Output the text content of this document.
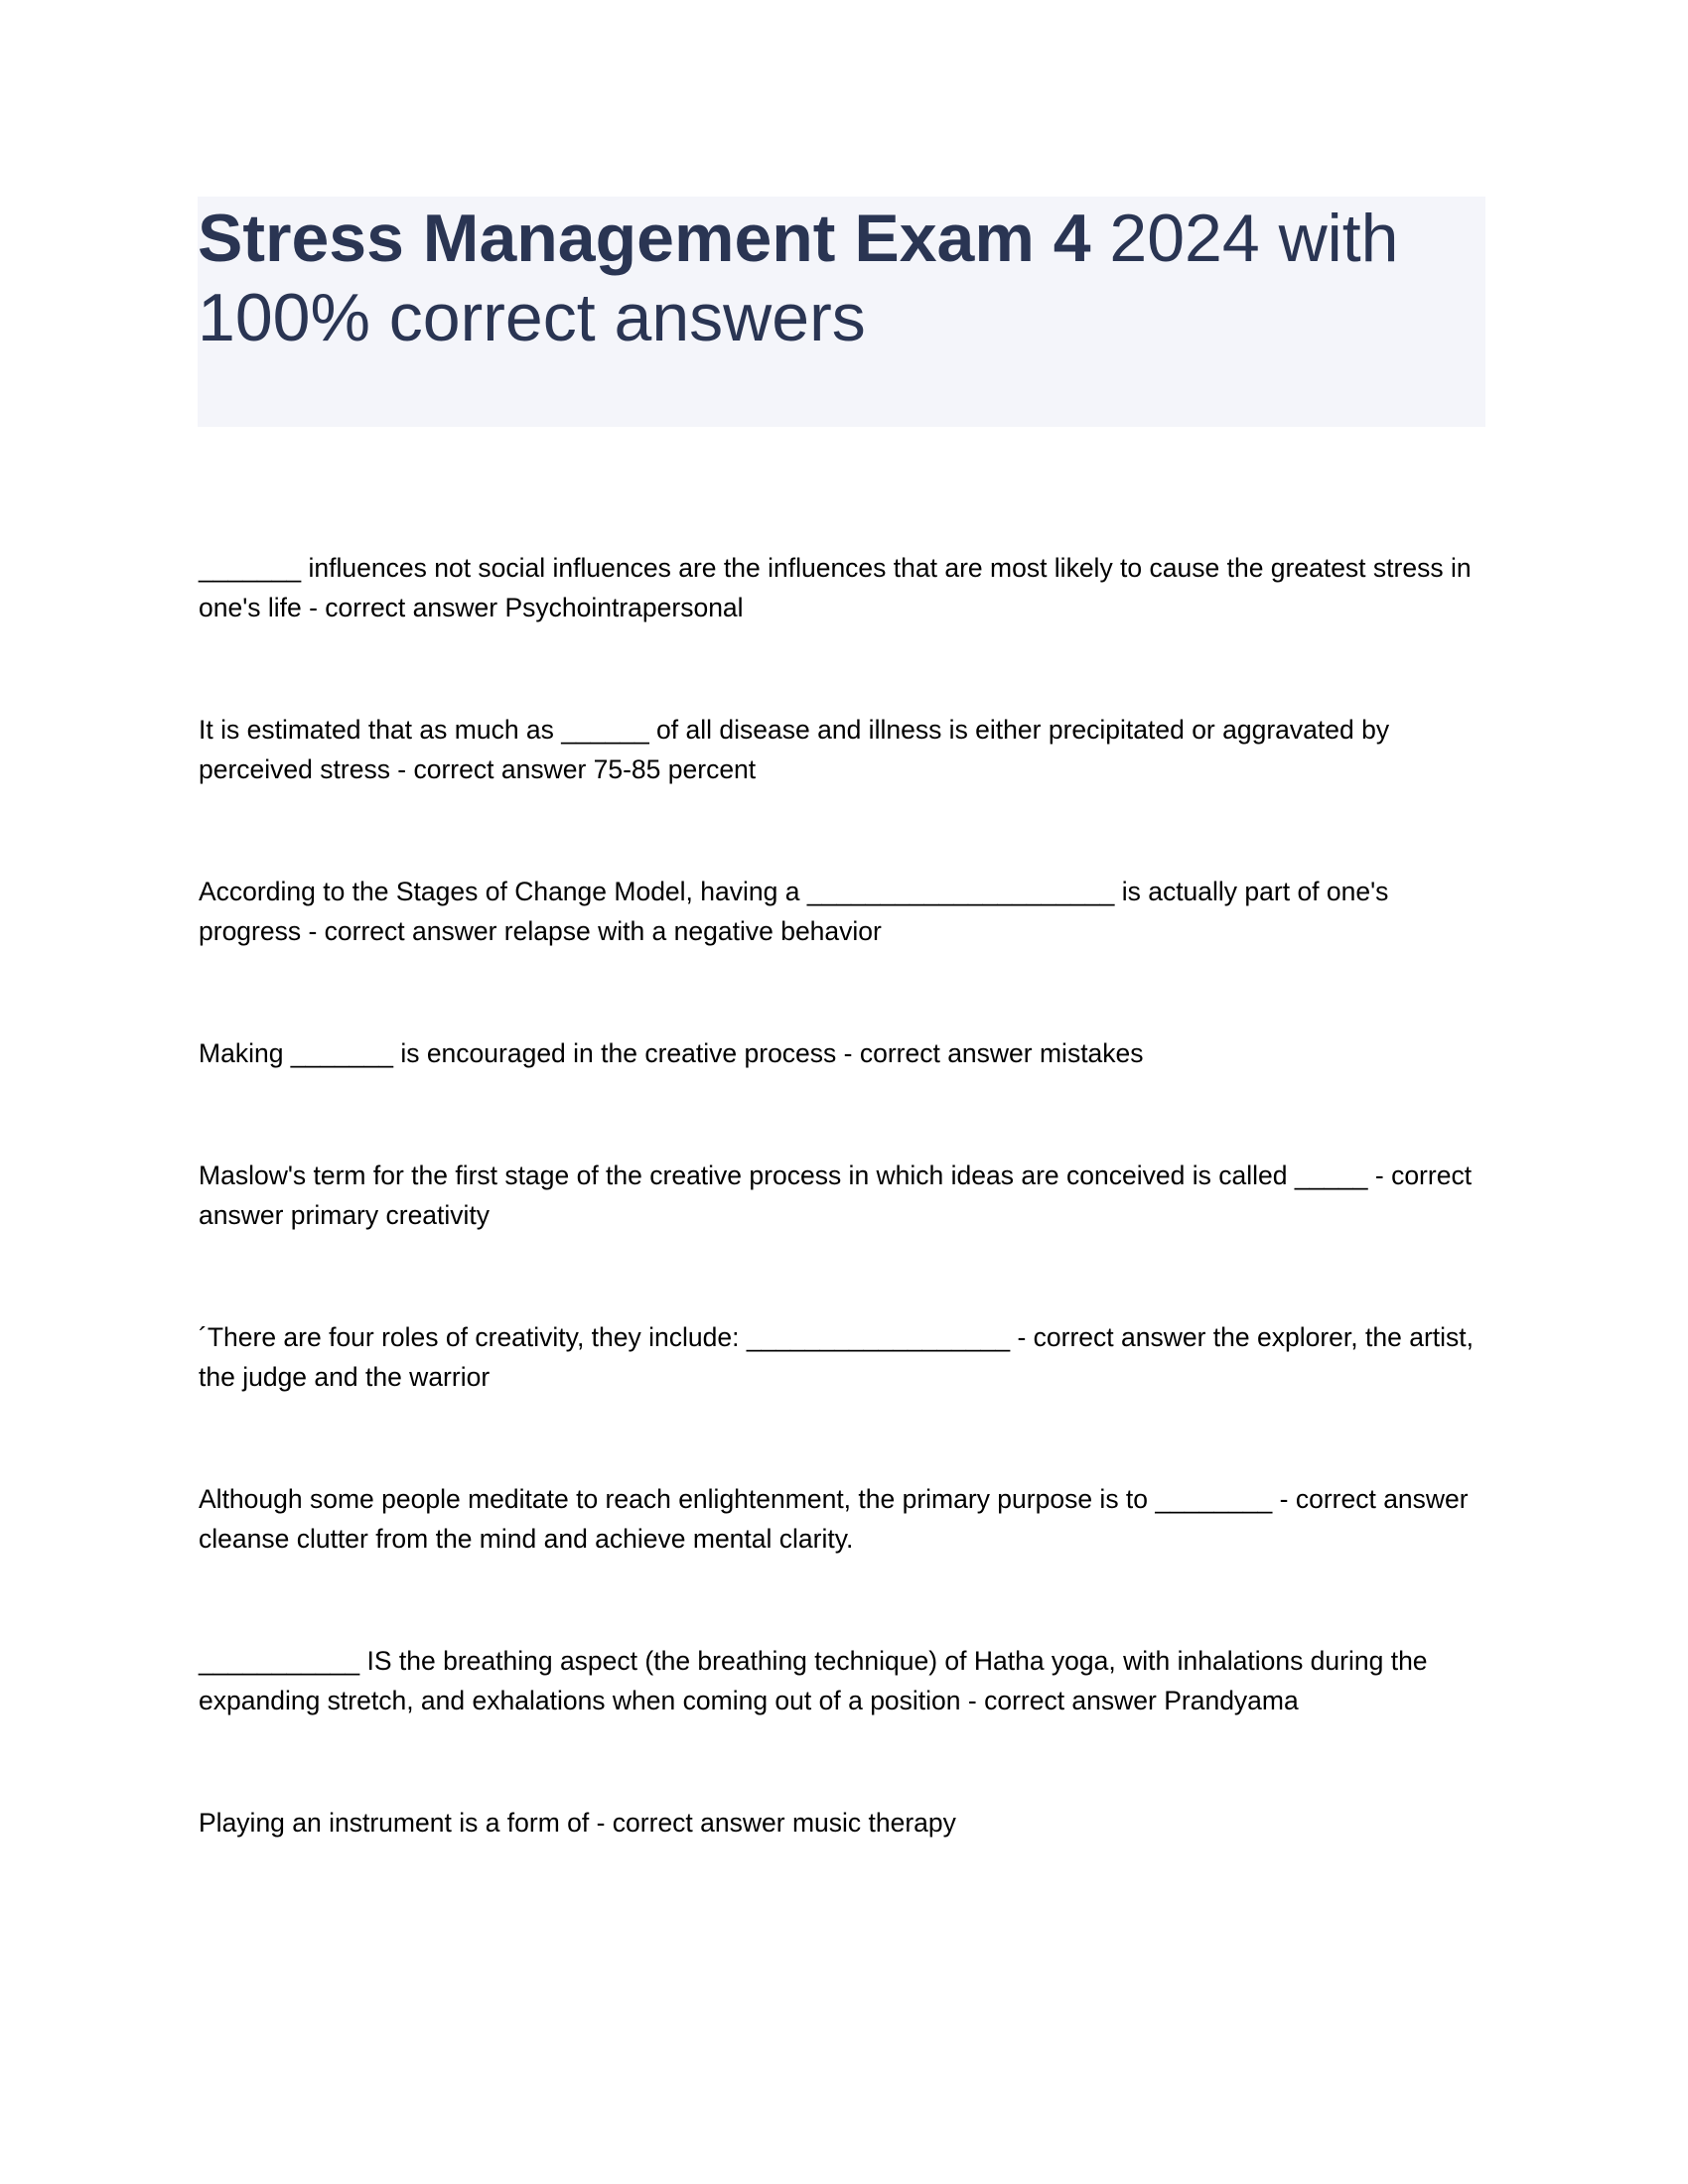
Stress Management Exam 4 2024 with 100% correct answers
_______ influences not social influences are the influences that are most likely to cause the greatest stress in one's life - correct answer Psychointrapersonal
It is estimated that as much as ______ of all disease and illness is either precipitated or aggravated by perceived stress - correct answer 75-85 percent
According to the Stages of Change Model, having a _____________________ is actually part of one's progress - correct answer relapse with a negative behavior
Making _______ is encouraged in the creative process - correct answer mistakes
Maslow's term for the first stage of the creative process in which ideas are conceived is called _____ - correct answer primary creativity
´There are four roles of creativity, they include: __________________ - correct answer the explorer, the artist, the judge and the warrior
Although some people meditate to reach enlightenment, the primary purpose is to ________ - correct answer cleanse clutter from the mind and achieve mental clarity.
___________ IS the breathing aspect (the breathing technique) of Hatha yoga, with inhalations during the expanding stretch, and exhalations when coming out of a position - correct answer Prandyama
Playing an instrument is a form of - correct answer music therapy
